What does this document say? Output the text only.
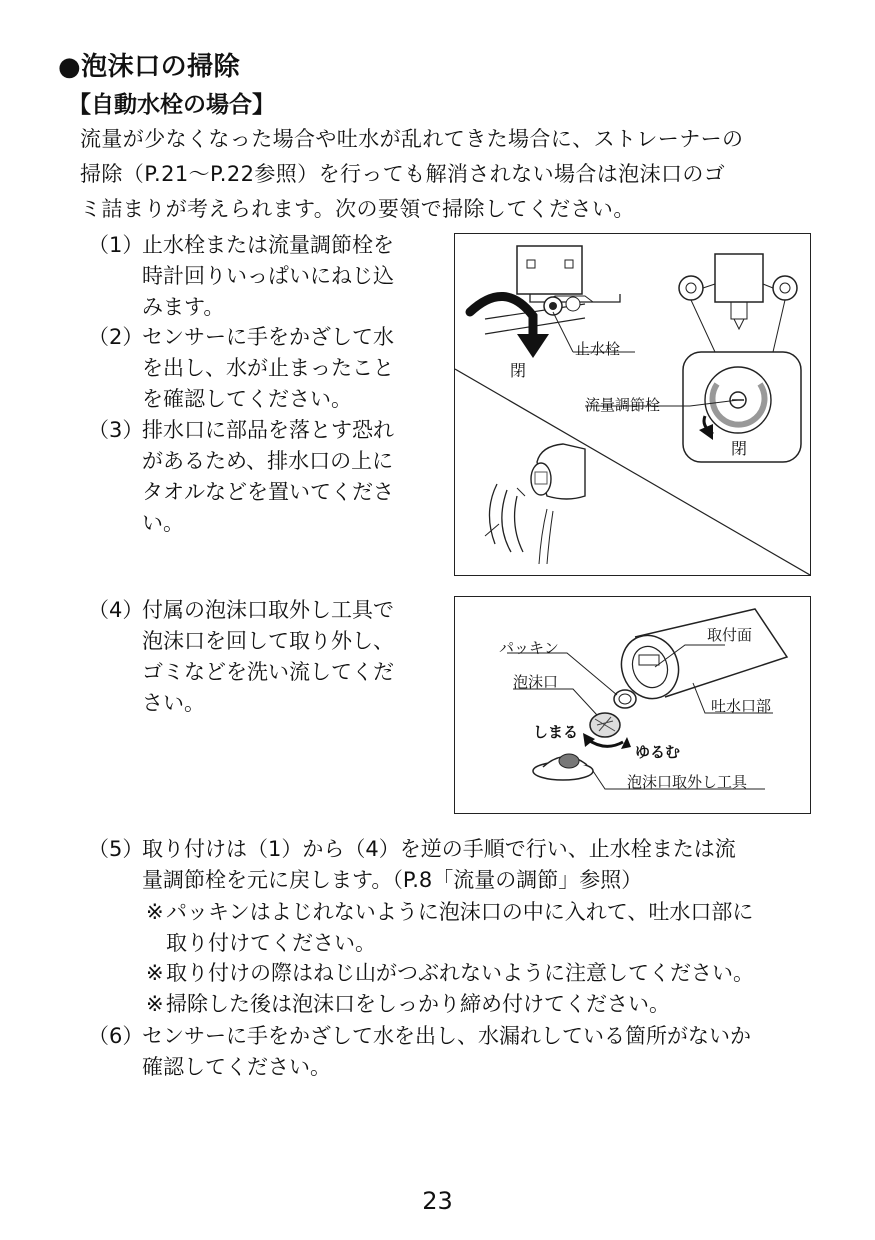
●泡沫口の掃除
【自動水栓の場合】
流量が少なくなった場合や吐水が乱れてきた場合に、ストレーナーの
掃除（P.21～P.22参照）を行っても解消されない場合は泡沫口のゴ
ミ詰まりが考えられます。次の要領で掃除してください。
（1）
止水栓または流量調節栓を
時計回りいっぱいにねじ込
みます。
（2）
センサーに手をかざして水
を出し、水が止まったこと
を確認してください。
（3）
排水口に部品を落とす恐れ
があるため、排水口の上に
タオルなどを置いてくださ
い。
（4）
付属の泡沫口取外し工具で
泡沫口を回して取り外し、
ゴミなどを洗い流してくだ
さい。
止水栓
閉
流量調節栓
閉
取付面
パッキン
泡沫口
吐水口部
しまる
ゆるむ
泡沫口取外し工具
（5）
取り付けは（1）から（4）を逆の手順で行い、止水栓または流
量調節栓を元に戻します。（P.8「流量の調節」参照）
※ パッキンはよじれないように泡沫口の中に入れて、吐水口部に
取り付けてください。
※ 取り付けの際はねじ山がつぶれないように注意してください。
※ 掃除した後は泡沫口をしっかり締め付けてください。
（6）
センサーに手をかざして水を出し、水漏れしている箇所がないか
確認してください。
23
